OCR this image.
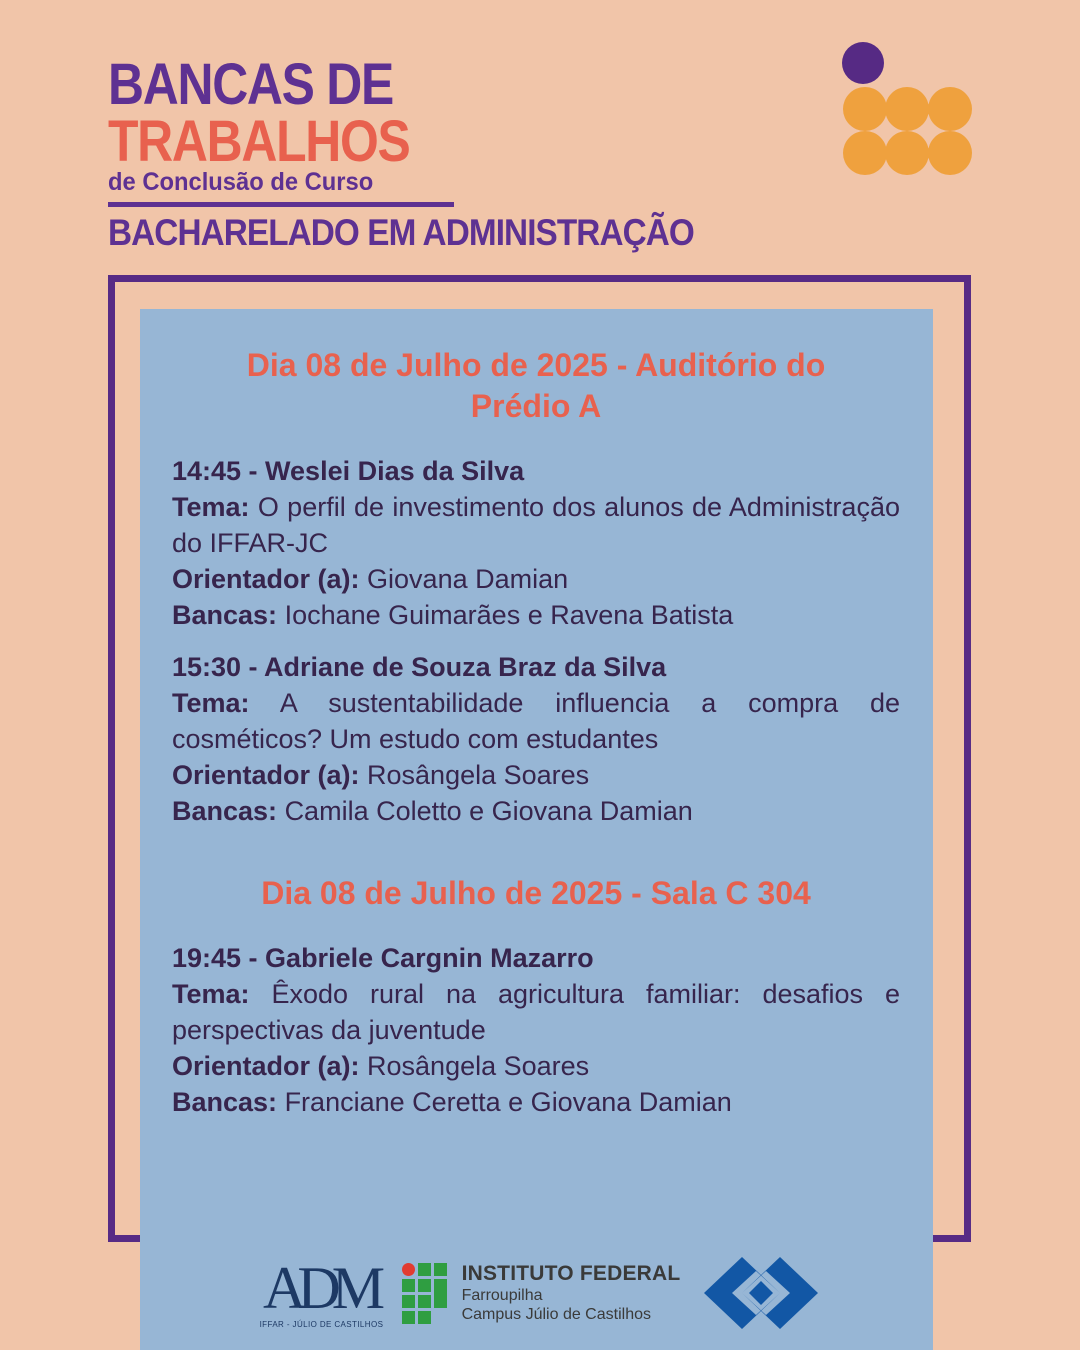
BANCAS DE
TRABALHOS
de Conclusão de Curso
BACHARELADO EM ADMINISTRAÇÃO
Dia 08 de Julho de 2025 - Auditório do Prédio A

14:45 - Weslei Dias da Silva

Tema: O perfil de investimento dos alunos de Administração do IFFAR-JC

Orientador (a): Giovana Damian

Bancas: Iochane Guimarães e Ravena Batista

15:30 - Adriane de Souza Braz da Silva

Tema: A sustentabilidade influencia a compra de cosméticos? Um estudo com estudantes

Orientador (a): Rosângela Soares

Bancas: Camila Coletto e Giovana Damian

Dia 08 de Julho de 2025 - Sala C 304

19:45 - Gabriele Cargnin Mazarro

Tema: Êxodo rural na agricultura familiar: desafios e perspectivas da juventude

Orientador (a): Rosângela Soares

Bancas: Franciane Ceretta e Giovana Damian

ADM
IFFAR - JÚLIO DE CASTILHOS
INSTITUTO FEDERAL
Farroupilha
Campus Júlio de Castilhos
